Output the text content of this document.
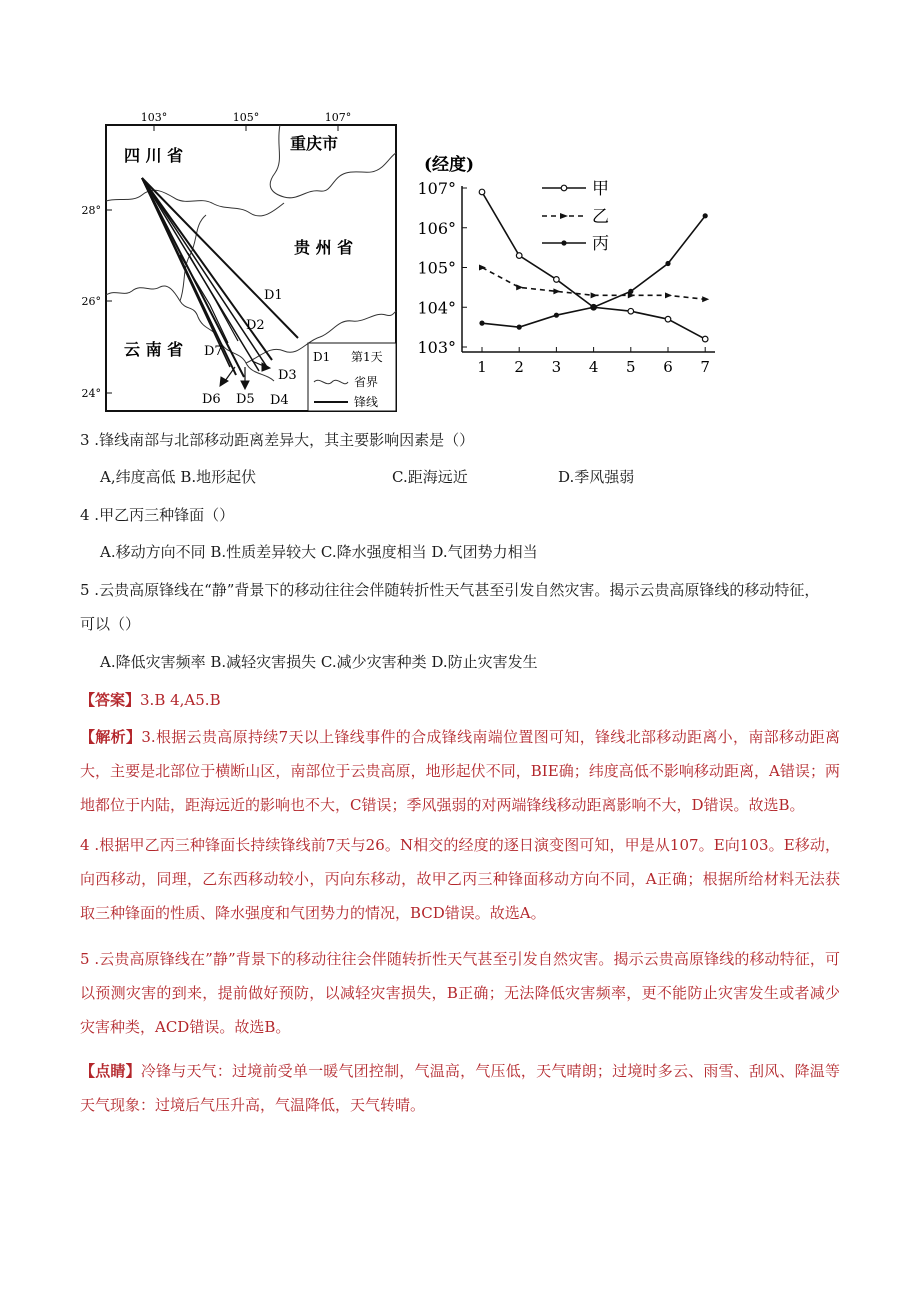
103°	105°	107°
28°
26°
24°
四 川 省
重庆市
贵 州 省
云 南 省
D1
D2
D3
D4
D5
D6
D7	D1 第1天
省界
锋线
(经度)
103°
104°
105°
106°
107°
1 2 3 4 5 6 7
甲
乙
丙
3 .锋线南部与北部移动距离差异大，其主要影响因素是（）
A,纬度高低 B.地形起伏	C.距海远近	D.季风强弱
4 .甲乙丙三种锋面（）
A.移动方向不同 B.性质差异较大 C.降水强度相当 D.气团势力相当
5 .云贵高原锋线在“静”背景下的移动往往会伴随转折性天气甚至引发自然灾害。揭示云贵高原锋线的移动特征，
可以（）
A.降低灾害频率 B.减轻灾害损失 C.减少灾害种类 D.防止灾害发生
【答案】3.B 4,A5.B
【解析】3.根据云贵高原持续7天以上锋线事件的合成锋线南端位置图可知，锋线北部移动距离小，南部移动距离大，主要是北部位于横断山区，南部位于云贵高原，地形起伏不同，BIE确；纬度高低不影响移动距离，A错误；两地都位于内陆，距海远近的影响也不大，C错误；季风强弱的对两端锋线移动距离影响不大，D错误。故选B。
4 .根据甲乙丙三种锋面长持续锋线前7天与26。N相交的经度的逐日演变图可知，甲是从107。E向103。E移动，向西移动，同理，乙东西移动较小，丙向东移动，故甲乙丙三种锋面移动方向不同，A正确；根据所给材料无法获取三种锋面的性质、降水强度和气团势力的情况，BCD错误。故选A。
5 .云贵高原锋线在”静”背景下的移动往往会伴随转折性天气甚至引发自然灾害。揭示云贵高原锋线的移动特征，可以预测灾害的到来，提前做好预防，以减轻灾害损失，B正确；无法降低灾害频率，更不能防止灾害发生或者减少灾害种类，ACD错误。故选B。
【点睛】冷锋与天气：过境前受单一暖气团控制，气温高，气压低，天气晴朗；过境时多云、雨雪、刮风、降温等天气现象：过境后气压升高，气温降低，天气转晴。
